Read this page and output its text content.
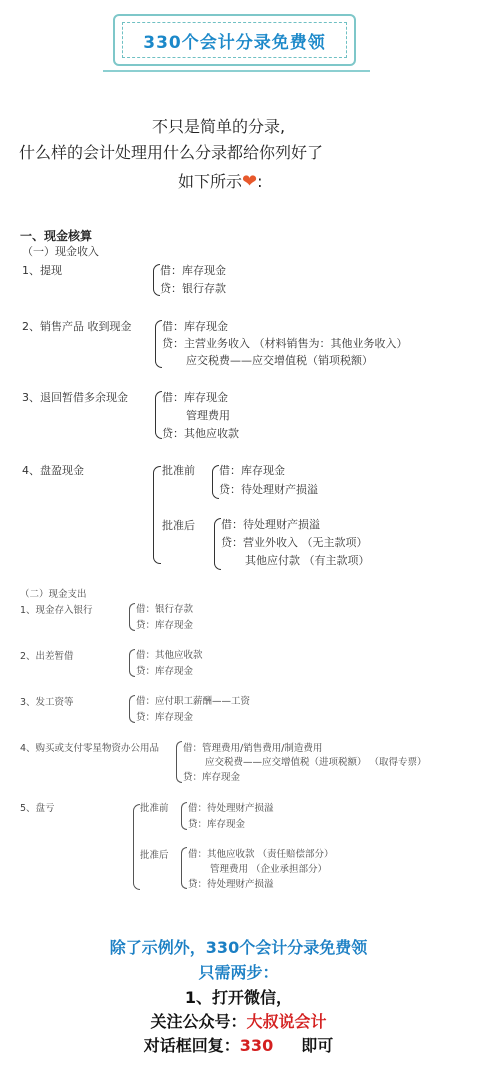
330个会计分录免费领
不只是简单的分录,
什么样的会计处理用什么分录都给你列好了
如下所示❤:
一、现金核算
（一）现金收入
1、提现	借：库存现金
贷：银行存款
2、销售产品 收到现金	借：库存现金
贷：主营业务收入 （材料销售为：其他业务收入）
应交税费——应交增值税（销项税额）
3、退回暂借多余现金	借：库存现金
管理费用
贷：其他应收款
4、盘盈现金	批准前 借：库存现金
贷：待处理财产损溢
批准后 借：待处理财产损溢
贷：营业外收入 （无主款项）
其他应付款 （有主款项）
（二）现金支出
1、现金存入银行	借：银行存款
贷：库存现金
2、出差暂借	借：其他应收款
贷：库存现金
3、发工资等	借：应付职工薪酬——工资
贷：库存现金
4、购买或支付零星物资办公用品	借：管理费用/销售费用/制造费用
应交税费——应交增值税（进项税额） （取得专票）
贷：库存现金
5、盘亏	批准前 借：待处理财产损溢
贷：库存现金
批准后 借：其他应收款 （责任赔偿部分）
管理费用 （企业承担部分）
贷：待处理财产损溢
除了示例外，330个会计分录免费领
只需两步：
1、打开微信，
关注公众号：大叔说会计
对话框回复：330 即可
